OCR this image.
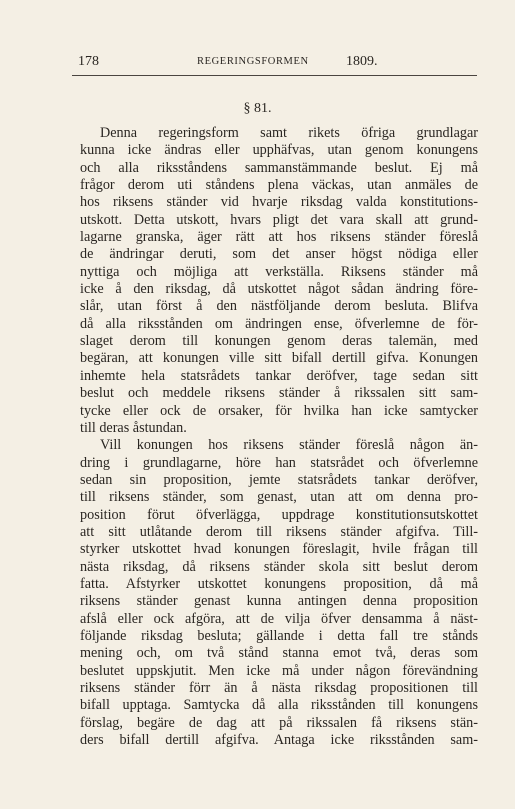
178	REGERINGSFORMEN	1809.
§ 81.
Denna regeringsform samt rikets öfriga grundlagar
kunna icke ändras eller upphäfvas, utan genom konungens
och alla riksståndens sammanstämmande beslut. Ej må
frågor derom uti ståndens plena väckas, utan anmäles de
hos riksens ständer vid hvarje riksdag valda konstitutions-
utskott. Detta utskott, hvars pligt det vara skall att grund-
lagarne granska, äger rätt att hos riksens ständer föreslå
de ändringar deruti, som det anser högst nödiga eller
nyttiga och möjliga att verkställa. Riksens ständer må
icke å den riksdag, då utskottet något sådan ändring före-
slår, utan först å den nästföljande derom besluta. Blifva
då alla riksstånden om ändringen ense, öfverlemne de för-
slaget derom till konungen genom deras talemän, med
begäran, att konungen ville sitt bifall dertill gifva. Konungen
inhemte hela statsrådets tankar deröfver, tage sedan sitt
beslut och meddele riksens ständer å rikssalen sitt sam-
tycke eller ock de orsaker, för hvilka han icke samtycker
till deras åstundan.
Vill konungen hos riksens ständer föreslå någon än-
dring i grundlagarne, höre han statsrådet och öfverlemne
sedan sin proposition, jemte statsrådets tankar deröfver,
till riksens ständer, som genast, utan att om denna pro-
position förut öfverlägga, uppdrage konstitutionsutskottet
att sitt utlåtande derom till riksens ständer afgifva. Till-
styrker utskottet hvad konungen föreslagit, hvile frågan till
nästa riksdag, då riksens ständer skola sitt beslut derom
fatta. Afstyrker utskottet konungens proposition, då må
riksens ständer genast kunna antingen denna proposition
afslå eller ock afgöra, att de vilja öfver densamma å näst-
följande riksdag besluta; gällande i detta fall tre stånds
mening och, om två stånd stanna emot två, deras som
beslutet uppskjutit. Men icke må under någon förevändning
riksens ständer förr än å nästa riksdag propositionen till
bifall upptaga. Samtycka då alla riksstånden till konungens
förslag, begäre de dag att på rikssalen få riksens stän-
ders bifall dertill afgifva. Antaga icke riksstånden sam-
